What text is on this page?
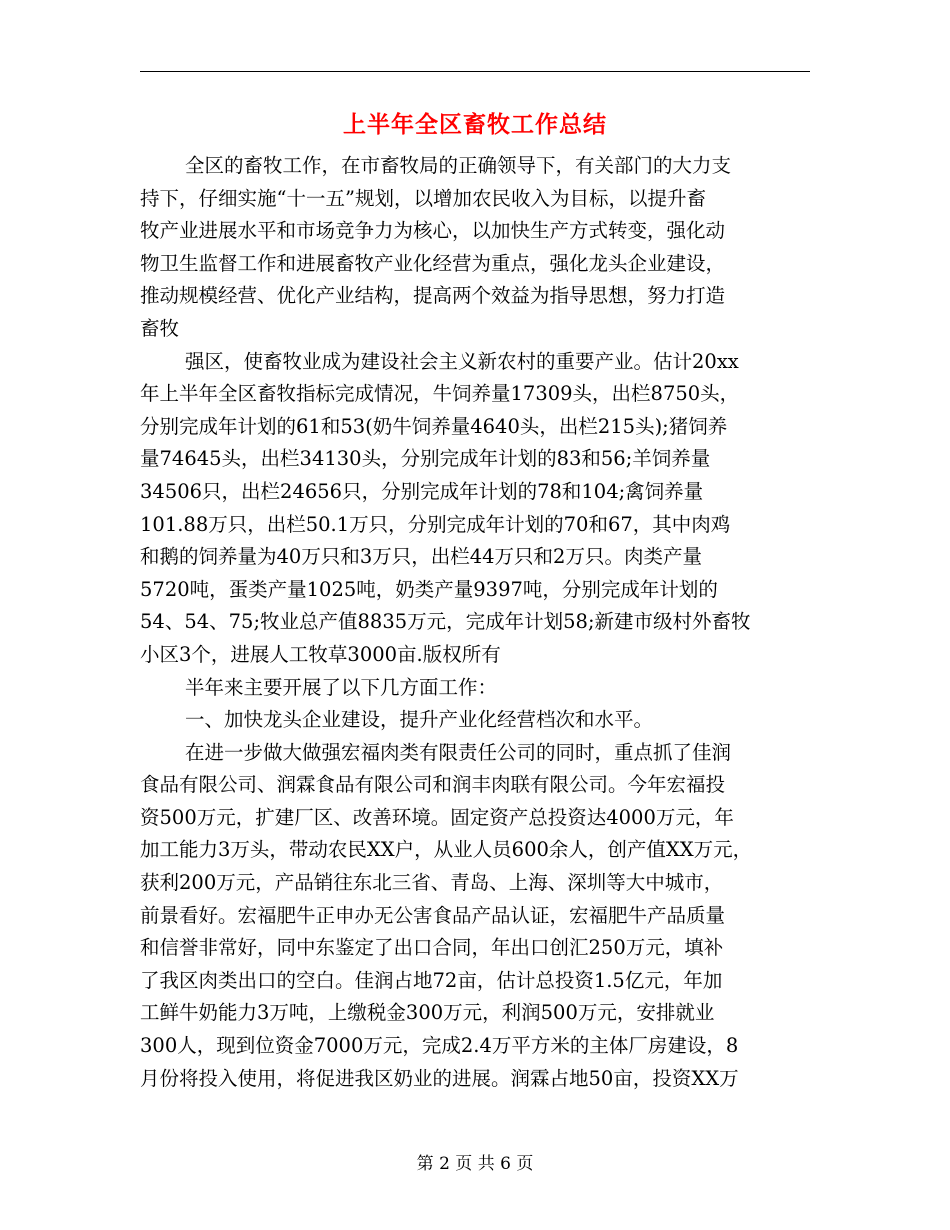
上半年全区畜牧工作总结
全区的畜牧工作，在市畜牧局的正确领导下，有关部门的大力支
持下，仔细实施“十一五”规划，以增加农民收入为目标，以提升畜
牧产业进展水平和市场竞争力为核心，以加快生产方式转变，强化动
物卫生监督工作和进展畜牧产业化经营为重点，强化龙头企业建设，
推动规模经营、优化产业结构，提高两个效益为指导思想，努力打造
畜牧
强区，使畜牧业成为建设社会主义新农村的重要产业。估计20xx
年上半年全区畜牧指标完成情况，牛饲养量17309头，出栏8750头，
分别完成年计划的61和53(奶牛饲养量4640头，出栏215头);猪饲养
量74645头，出栏34130头，分别完成年计划的83和56;羊饲养量
34506只，出栏24656只，分别完成年计划的78和104;禽饲养量
101.88万只，出栏50.1万只，分别完成年计划的70和67，其中肉鸡
和鹅的饲养量为40万只和3万只，出栏44万只和2万只。肉类产量
5720吨，蛋类产量1025吨，奶类产量9397吨，分别完成年计划的
54、54、75;牧业总产值8835万元，完成年计划58;新建市级村外畜牧
小区3个，进展人工牧草3000亩.版权所有
半年来主要开展了以下几方面工作：
一、加快龙头企业建设，提升产业化经营档次和水平。
在进一步做大做强宏福肉类有限责任公司的同时，重点抓了佳润
食品有限公司、润霖食品有限公司和润丰肉联有限公司。今年宏福投
资500万元，扩建厂区、改善环境。固定资产总投资达4000万元，年
加工能力3万头，带动农民XX户，从业人员600余人，创产值XX万元，
获利200万元，产品销往东北三省、青岛、上海、深圳等大中城市，
前景看好。宏福肥牛正申办无公害食品产品认证，宏福肥牛产品质量
和信誉非常好，同中东鉴定了出口合同，年出口创汇250万元，填补
了我区肉类出口的空白。佳润占地72亩，估计总投资1.5亿元，年加
工鲜牛奶能力3万吨，上缴税金300万元，利润500万元，安排就业
300人，现到位资金7000万元，完成2.4万平方米的主体厂房建设，8
月份将投入使用，将促进我区奶业的进展。润霖占地50亩，投资XX万
第 2 页 共 6 页
